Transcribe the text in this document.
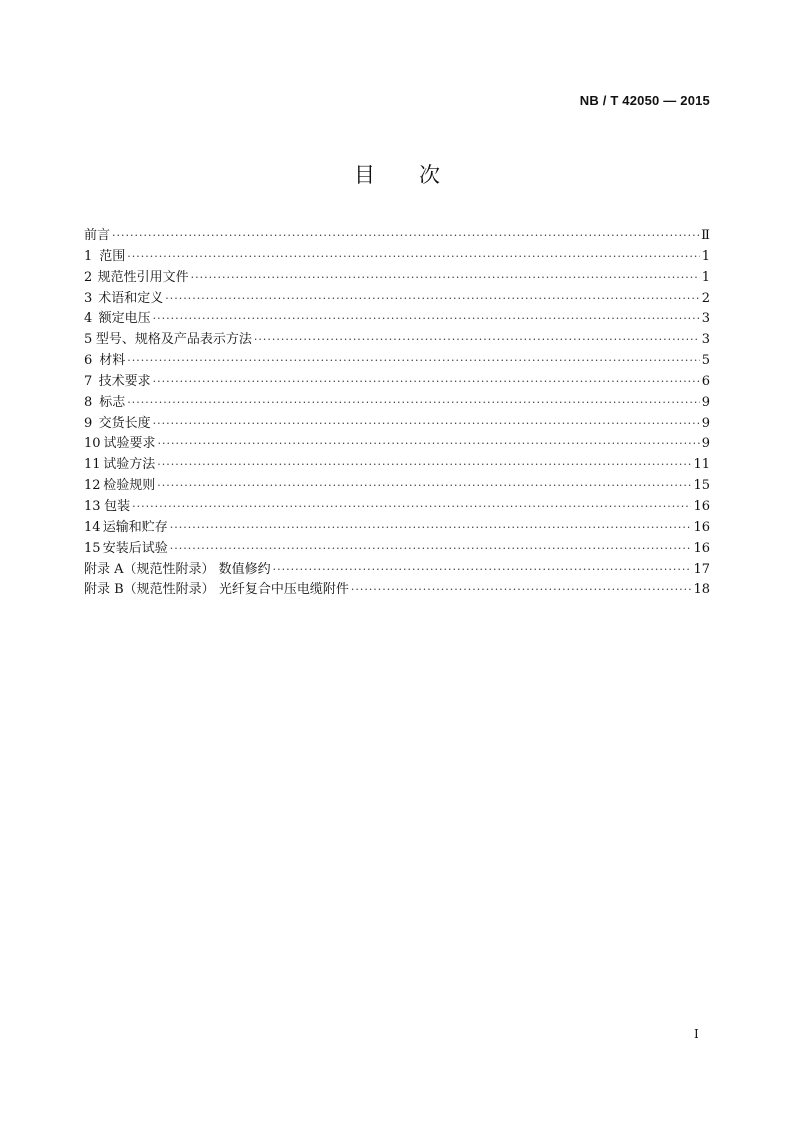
NB / T 42050 — 2015
目 次
前言 ·····	Ⅱ
1 范围 ·····	1
2 规范性引用文件 ·····	1
3 术语和定义 ·····	2
4 额定电压 ·····	3
5 型号、规格及产品表示方法 ·····	3
6 材料 ·····	5
7 技术要求 ·····	6
8 标志 ·····	9
9 交货长度 ·····	9
10 试验要求 ·····	9
11 试验方法 ·····	11
12 检验规则 ·····	15
13 包装 ·····	16
14 运输和贮存 ·····	16
15 安装后试验 ·····	16
附录 A（规范性附录） 数值修约 ·····	17
附录 B（规范性附录） 光纤复合中压电缆附件 ·····	18
I
